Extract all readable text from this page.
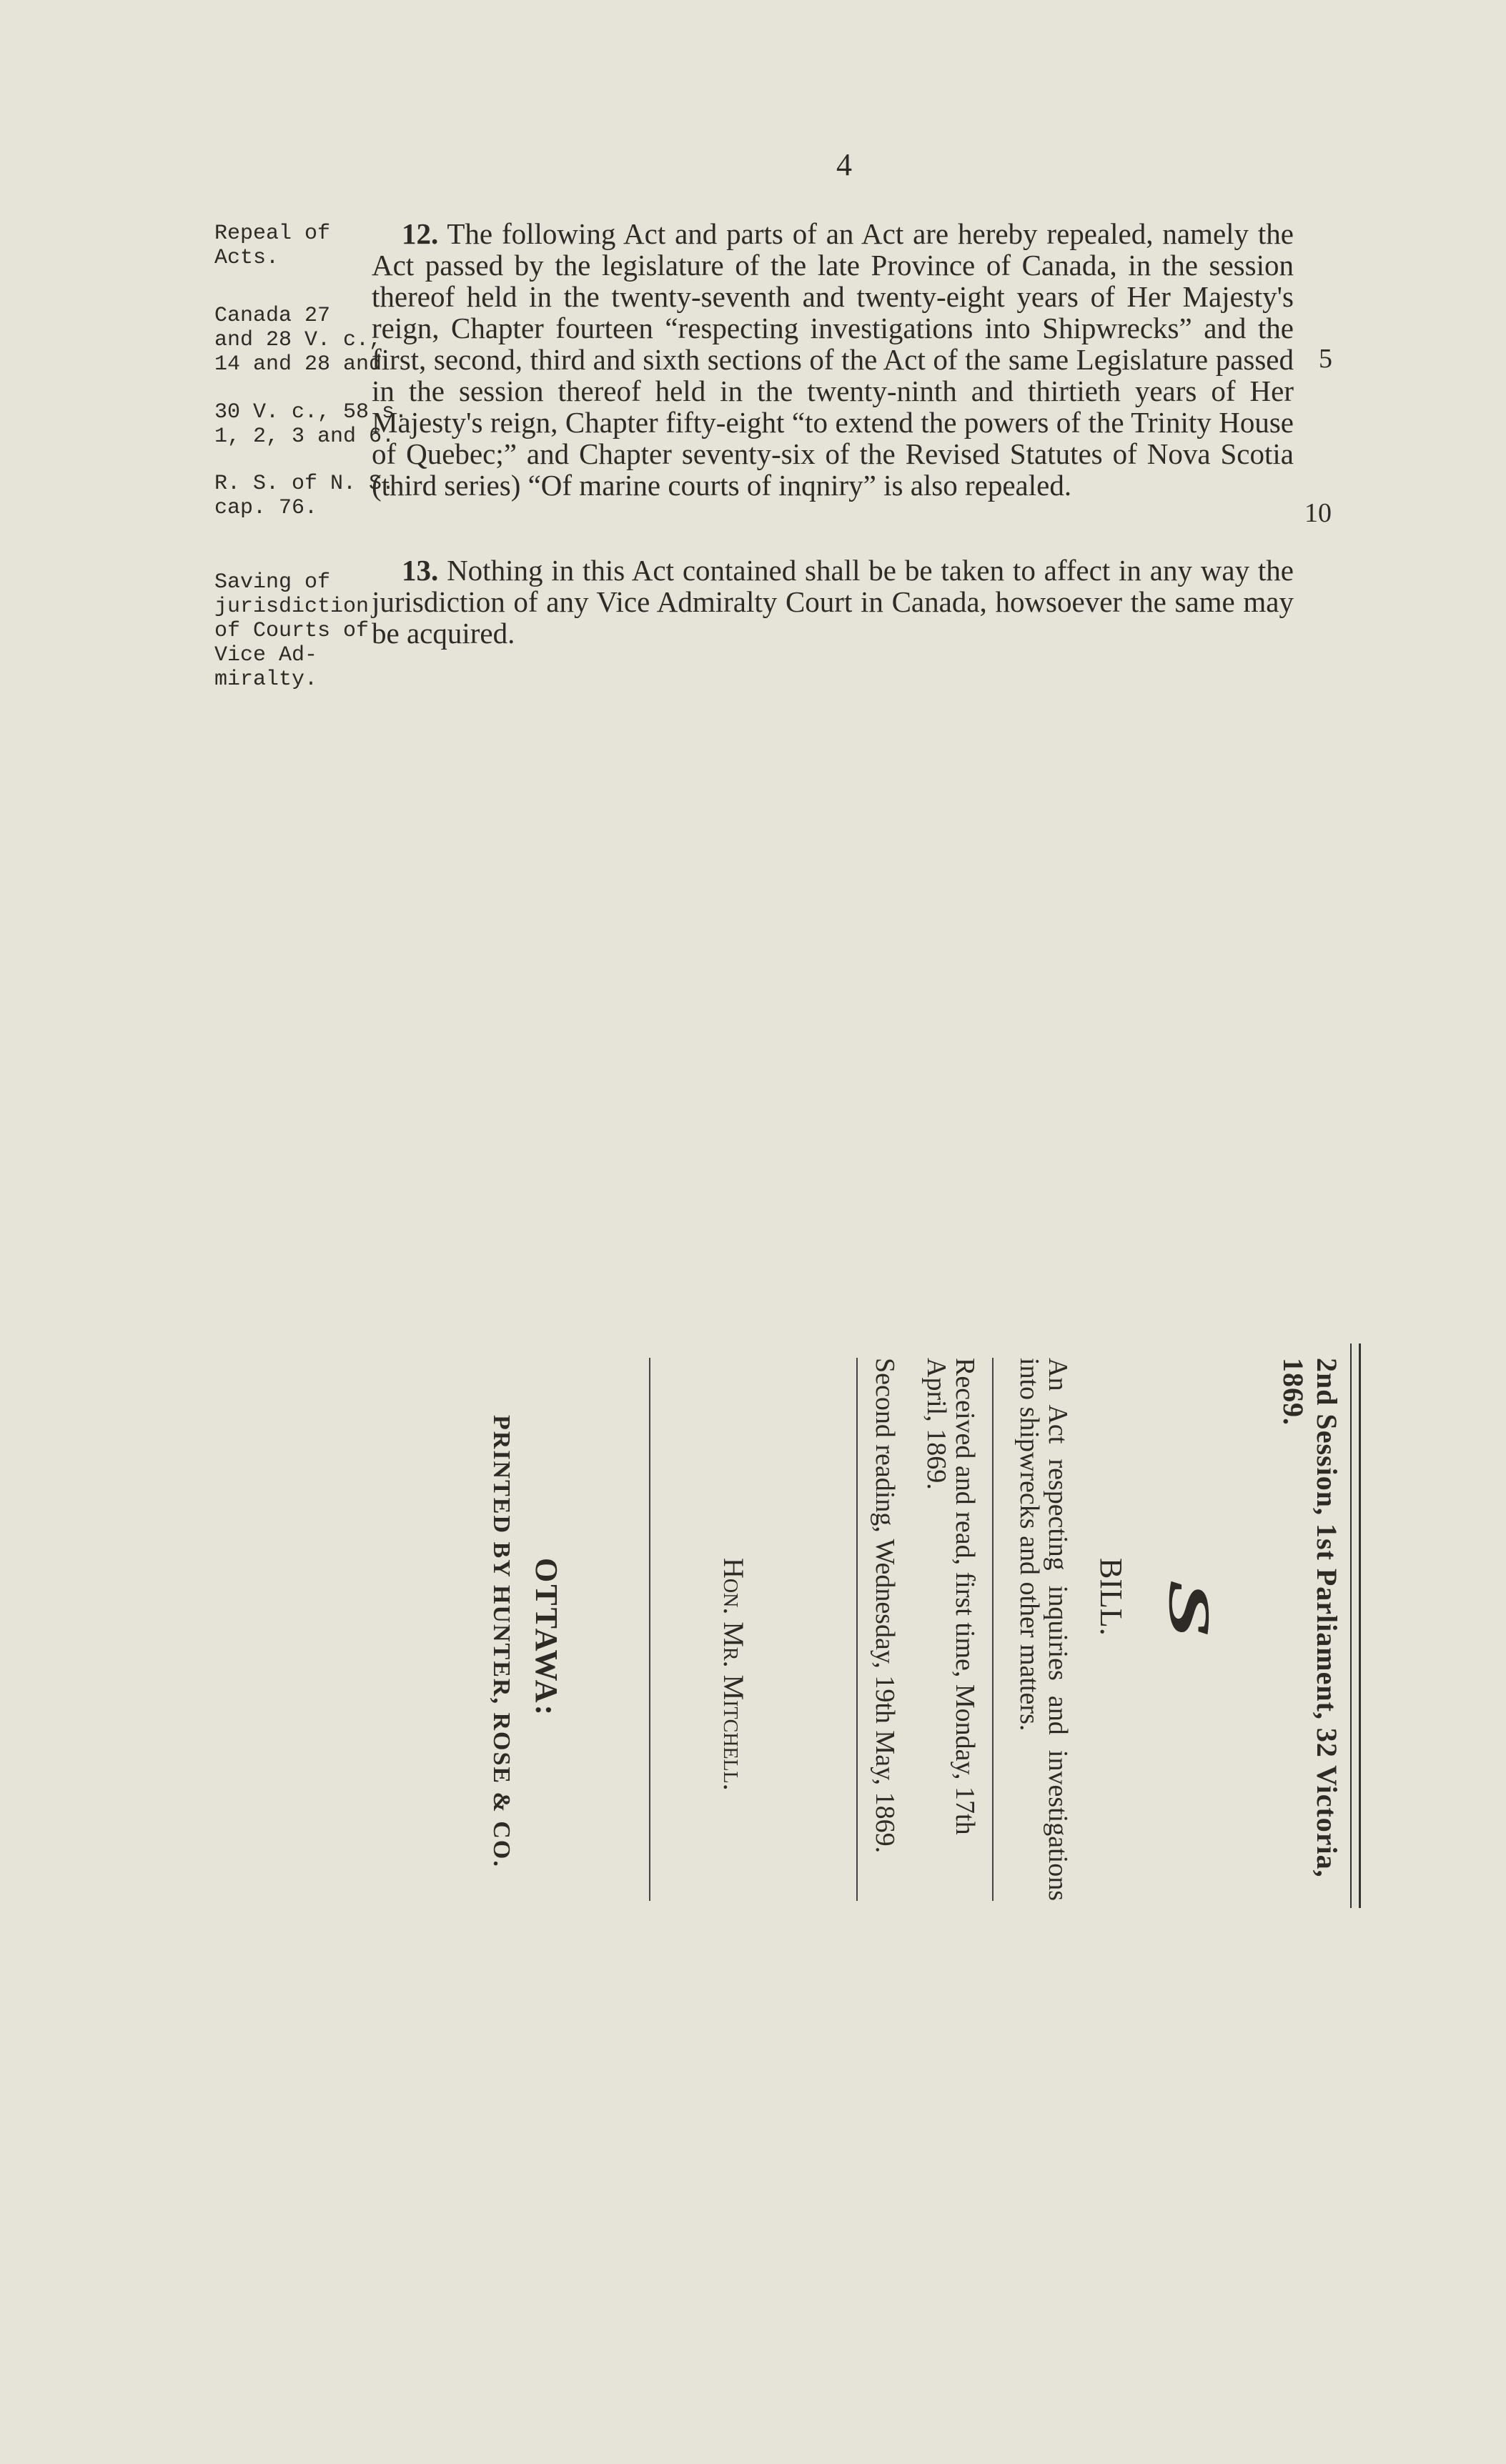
4
Repeal of
Acts.
Canada 27
and 28 V. c.,
14 and 28 and
30 V. c., 58 s.
1, 2, 3 and 6.
R. S. of N. S.
cap. 76.
Saving of
jurisdiction
of Courts of
Vice Ad-
miralty.
12. The following Act and parts of an Act are hereby repealed, namely the Act passed by the legislature of the late Province of Canada, in the session thereof held in the twenty-seventh and twenty-eight years of Her Majesty's reign, Chapter fourteen “respecting investigations into Shipwrecks” and the first, second, third and sixth sections of the Act of the same Legislature passed in the session thereof held in the twenty-ninth and thirtieth years of Her Majesty's reign, Chapter fifty-eight “to extend the powers of the Trinity House of Quebec;” and Chapter seventy-six of the Revised Statutes of Nova Scotia (third series) “Of marine courts of inqniry” is also repealed.
13. Nothing in this Act contained shall be be taken to affect in any way the jurisdiction of any Vice Admiralty Court in Canada, howsoever the same may be acquired.
5
10
2nd Session, 1st Parliament, 32 Victoria, 1869.
S
BILL.
An Act respecting inquiries and investigations into shipwrecks and other matters.
Received and read, first time, Monday, 17th April, 1869.
Second reading, Wednesday, 19th May, 1869.
Hon. Mr. Mitchell.
OTTAWA:
PRINTED BY HUNTER, ROSE & CO.
